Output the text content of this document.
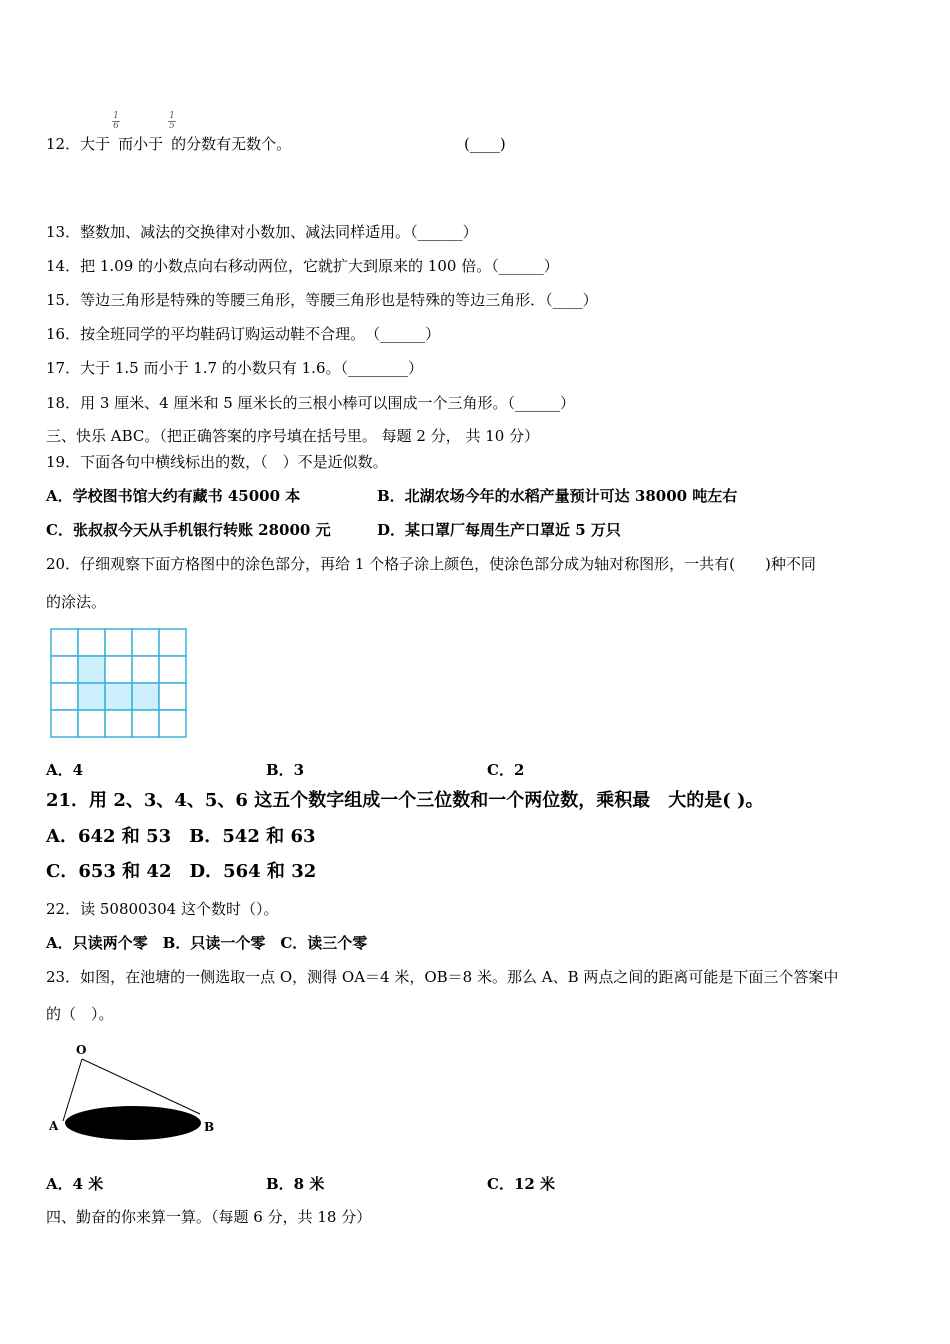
12．大于 而小于 的分数有无数个。	(____)
$\frac{1}{6}$	$\frac{1}{5}$
13．整数加、减法的交换律对小数加、减法同样适用。（______）
14．把 1.09 的小数点向右移动两位，它就扩大到原来的 100 倍。（______）
15．等边三角形是特殊的等腰三角形，等腰三角形也是特殊的等边三角形．（____）
16．按全班同学的平均鞋码订购运动鞋不合理。　（______）
17．大于 1.5 而小于 1.7 的小数只有 1.6。（________）
18．用 3 厘米、4 厘米和 5 厘米长的三根小棒可以围成一个三角形。（______）
三、快乐 ABC。（把正确答案的序号填在括号里。 每题 2 分， 共 10 分）
19．下面各句中横线标出的数，（　）不是近似数。
A．学校图书馆大约有藏书 45000 本	B．北湖农场今年的水稻产量预计可达 38000 吨左右
C．张叔叔今天从手机银行转账 28000 元	D．某口罩厂每周生产口罩近 5 万只
20．仔细观察下面方格图中的涂色部分，再给 1 个格子涂上颜色，使涂色部分成为轴对称图形，一共有(　　)种不同
的涂法。
A．4	B．3	C．2
21．用 2、3、4、5、6 这五个数字组成一个三位数和一个两位数，乘积最　大的是( )。
A．642 和 53　B．542 和 63
C．653 和 42　D．564 和 32
22．读 50800304 这个数时（）。
A．只读两个零　B．只读一个零　C．读三个零
23．如图，在池塘的一侧选取一点 O，测得 OA＝4 米，OB＝8 米。那么 A、B 两点之间的距离可能是下面三个答案中
的（　）。
O
A	B
A．4 米	B．8 米	C．12 米
四、勤奋的你来算一算。（每题 6 分，共 18 分）
